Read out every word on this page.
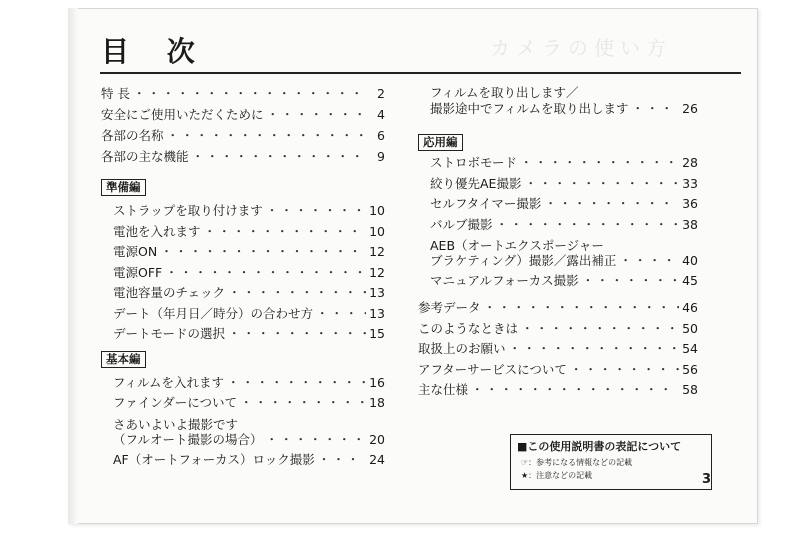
カメラの使い方
目 次
特 長 ・・・・・・・・・・・・・・・・・・・・・・・・・・・・・・・・・・・・・・・・・・・・・・・	2
安全にご使用いただくために ・・・・・・・・・・・・・・・・・・・・・・・・・・・・・・・・・・・・・・・・・・・・・・・	4
各部の名称 ・・・・・・・・・・・・・・・・・・・・・・・・・・・・・・・・・・・・・・・・・・・・・・・	6
各部の主な機能 ・・・・・・・・・・・・・・・・・・・・・・・・・・・・・・・・・・・・・・・・・・・・・・・	9
準備編
ストラップを取り付けます ・・・・・・・・・・・・・・・・・・・・・・・・・・・・・・・・・・・・・・・・・・・・・・・	10
電池を入れます ・・・・・・・・・・・・・・・・・・・・・・・・・・・・・・・・・・・・・・・・・・・・・・・	10
電源ON ・・・・・・・・・・・・・・・・・・・・・・・・・・・・・・・・・・・・・・・・・・・・・・・	12
電源OFF ・・・・・・・・・・・・・・・・・・・・・・・・・・・・・・・・・・・・・・・・・・・・・・・	12
電池容量のチェック ・・・・・・・・・・・・・・・・・・・・・・・・・・・・・・・・・・・・・・・・・・・・・・・	13
デート（年月日／時分）の合わせ方 ・・・・・・・・・・・・・・・・・・・・・・・・・・・・・・・・・・・・・・・・・・・・・・・	13
デートモードの選択 ・・・・・・・・・・・・・・・・・・・・・・・・・・・・・・・・・・・・・・・・・・・・・・・	15
基本編
フィルムを入れます ・・・・・・・・・・・・・・・・・・・・・・・・・・・・・・・・・・・・・・・・・・・・・・・	16
ファインダーについて ・・・・・・・・・・・・・・・・・・・・・・・・・・・・・・・・・・・・・・・・・・・・・・・	18
さあいよいよ撮影です
（フルオート撮影の場合） ・・・・・・・・・・・・・・・・・・・・・・・・・・・・・・・・・・・・・・・・・・・・・・・	20
AF（オートフォーカス）ロック撮影 ・・・・・・・・・・・・・・・・・・・・・・・・・・・・・・・・・・・・・・・・・・・・・・・	24
フィルムを取り出します／
撮影途中でフィルムを取り出します ・・・・・・・・・・・・・・・・・・・・・・・・・・・・・・・・・・・・・・・・・・・・・・・	26
応用編
ストロボモード ・・・・・・・・・・・・・・・・・・・・・・・・・・・・・・・・・・・・・・・・・・・・・・・	28
絞り優先AE撮影 ・・・・・・・・・・・・・・・・・・・・・・・・・・・・・・・・・・・・・・・・・・・・・・・	33
セルフタイマー撮影 ・・・・・・・・・・・・・・・・・・・・・・・・・・・・・・・・・・・・・・・・・・・・・・・	36
バルブ撮影 ・・・・・・・・・・・・・・・・・・・・・・・・・・・・・・・・・・・・・・・・・・・・・・・	38
AEB（オートエクスポージャー
ブラケティング）撮影／露出補正 ・・・・・・・・・・・・・・・・・・・・・・・・・・・・・・・・・・・・・・・・・・・・・・・	40
マニュアルフォーカス撮影 ・・・・・・・・・・・・・・・・・・・・・・・・・・・・・・・・・・・・・・・・・・・・・・・	45
参考データ ・・・・・・・・・・・・・・・・・・・・・・・・・・・・・・・・・・・・・・・・・・・・・・・	46
このようなときは ・・・・・・・・・・・・・・・・・・・・・・・・・・・・・・・・・・・・・・・・・・・・・・・	50
取扱上のお願い ・・・・・・・・・・・・・・・・・・・・・・・・・・・・・・・・・・・・・・・・・・・・・・・	54
アフターサービスについて ・・・・・・・・・・・・・・・・・・・・・・・・・・・・・・・・・・・・・・・・・・・・・・・	56
主な仕様 ・・・・・・・・・・・・・・・・・・・・・・・・・・・・・・・・・・・・・・・・・・・・・・・	58
■この使用説明書の表記について
☞：参考になる情報などの記載
★：注意などの記載	3
